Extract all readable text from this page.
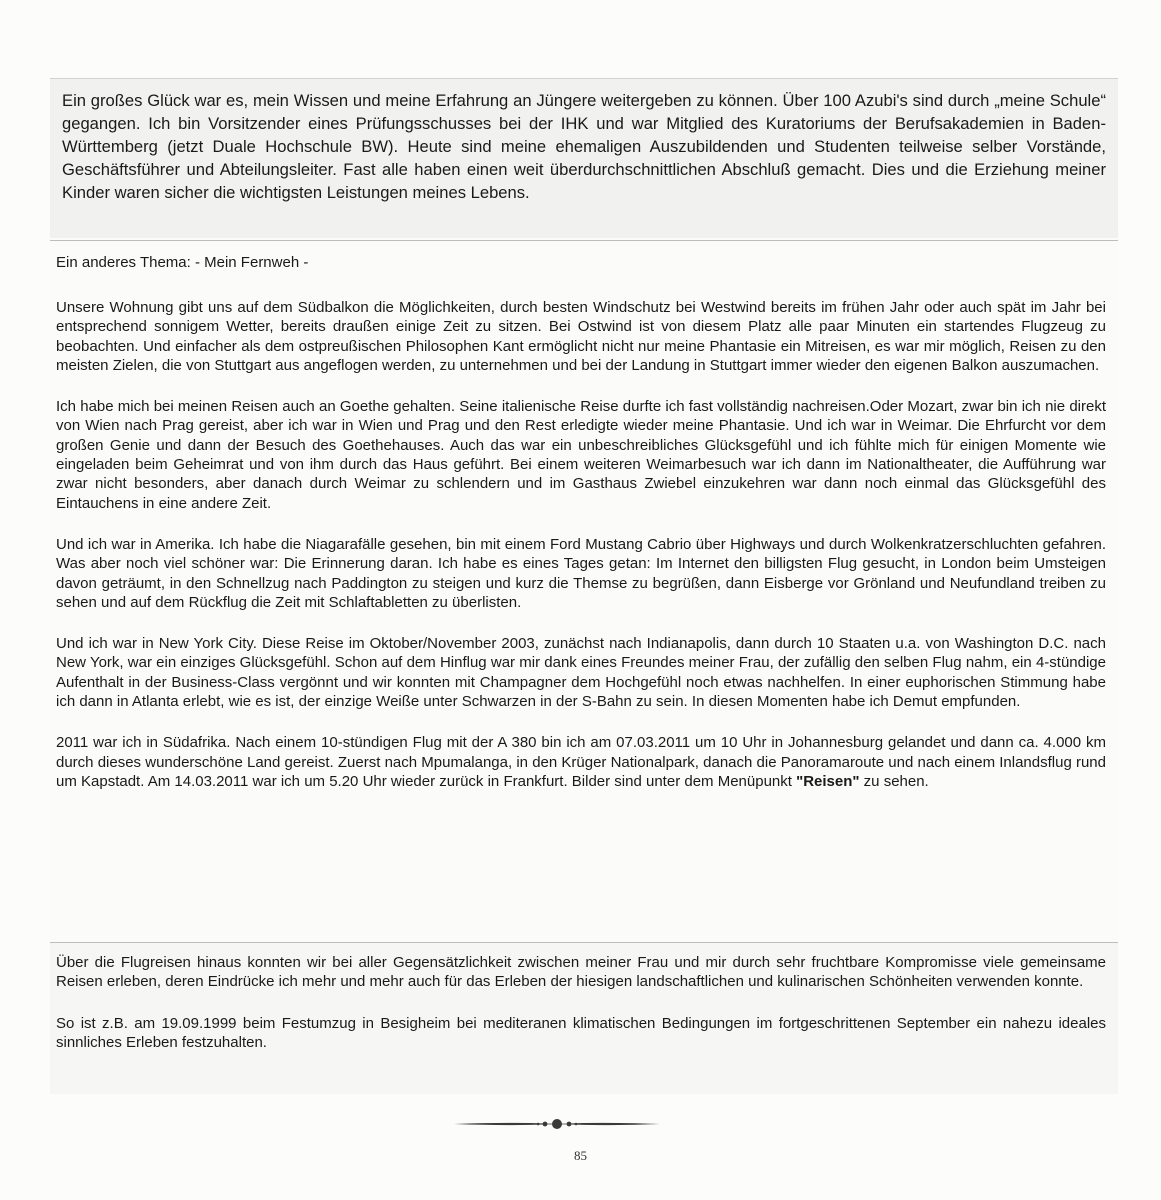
Ein großes Glück war es, mein Wissen und meine Erfahrung an Jüngere weitergeben zu können. Über 100 Azubi's sind durch „meine Schule“ gegangen. Ich bin Vorsitzender eines Prüfungsschusses bei der IHK und war Mitglied des Kuratoriums der Berufsakademien in Baden-Württemberg (jetzt Duale Hochschule BW). Heute sind meine ehemaligen Auszubildenden und Studenten teilweise selber Vorstände, Geschäftsführer und Abteilungsleiter. Fast alle haben einen weit überdurchschnittlichen Abschluß gemacht. Dies und die Erziehung meiner Kinder waren sicher die wichtigsten Leistungen meines Lebens.

Ein anderes Thema: - Mein Fernweh -

Unsere Wohnung gibt uns auf dem Südbalkon die Möglichkeiten, durch besten Windschutz bei Westwind bereits im frühen Jahr oder auch spät im Jahr bei entsprechend sonnigem Wetter, bereits draußen einige Zeit zu sitzen. Bei Ostwind ist von diesem Platz alle paar Minuten ein startendes Flugzeug zu beobachten. Und einfacher als dem ostpreußischen Philosophen Kant ermöglicht nicht nur meine Phantasie ein Mitreisen, es war mir möglich, Reisen zu den meisten Zielen, die von Stuttgart aus angeflogen werden, zu unternehmen und bei der Landung in Stuttgart immer wieder den eigenen Balkon auszumachen.

Ich habe mich bei meinen Reisen auch an Goethe gehalten. Seine italienische Reise durfte ich fast vollständig nachreisen.Oder Mozart, zwar bin ich nie direkt von Wien nach Prag gereist, aber ich war in Wien und Prag und den Rest erledigte wieder meine Phantasie. Und ich war in Weimar. Die Ehrfurcht vor dem großen Genie und dann der Besuch des Goethehauses. Auch das war ein unbeschreibliches Glücksgefühl und ich fühlte mich für einigen Momente wie eingeladen beim Geheimrat und von ihm durch das Haus geführt. Bei einem weiteren Weimarbesuch war ich dann im Nationaltheater, die Aufführung war zwar nicht besonders, aber danach durch Weimar zu schlendern und im Gasthaus Zwiebel einzukehren war dann noch einmal das Glücksgefühl des Eintauchens in eine andere Zeit.

Und ich war in Amerika. Ich habe die Niagarafälle gesehen, bin mit einem Ford Mustang Cabrio über Highways und durch Wolkenkratzerschluchten gefahren. Was aber noch viel schöner war: Die Erinnerung daran. Ich habe es eines Tages getan: Im Internet den billigsten Flug gesucht, in London beim Umsteigen davon geträumt, in den Schnellzug nach Paddington zu steigen und kurz die Themse zu begrüßen, dann Eisberge vor Grönland und Neufundland treiben zu sehen und auf dem Rückflug die Zeit mit Schlaftabletten zu überlisten.

Und ich war in New York City. Diese Reise im Oktober/November 2003, zunächst nach Indianapolis, dann durch 10 Staaten u.a. von Washington D.C. nach New York, war ein einziges Glücksgefühl. Schon auf dem Hinflug war mir dank eines Freundes meiner Frau, der zufällig den selben Flug nahm, ein 4-stündige Aufenthalt in der Business-Class vergönnt und wir konnten mit Champagner dem Hochgefühl noch etwas nachhelfen. In einer euphorischen Stimmung habe ich dann in Atlanta erlebt, wie es ist, der einzige Weiße unter Schwarzen in der S-Bahn zu sein. In diesen Momenten habe ich Demut empfunden.

2011 war ich in Südafrika. Nach einem 10-stündigen Flug mit der A 380 bin ich am 07.03.2011 um 10 Uhr in Johannesburg gelandet und dann ca. 4.000 km durch dieses wunderschöne Land gereist. Zuerst nach Mpumalanga, in den Krüger Nationalpark, danach die Panoramaroute und nach einem Inlandsflug rund um Kapstadt. Am 14.03.2011 war ich um 5.20 Uhr wieder zurück in Frankfurt. Bilder sind unter dem Menüpunkt "Reisen" zu sehen.

Über die Flugreisen hinaus konnten wir bei aller Gegensätzlichkeit zwischen meiner Frau und mir durch sehr fruchtbare Kompromisse viele gemeinsame Reisen erleben, deren Eindrücke ich mehr und mehr auch für das Erleben der hiesigen landschaftlichen und kulinarischen Schönheiten verwenden konnte.

So ist z.B. am 19.09.1999 beim Festumzug in Besigheim bei mediteranen klimatischen Bedingungen im fortgeschrittenen September ein nahezu ideales sinnliches Erleben festzuhalten.

85
